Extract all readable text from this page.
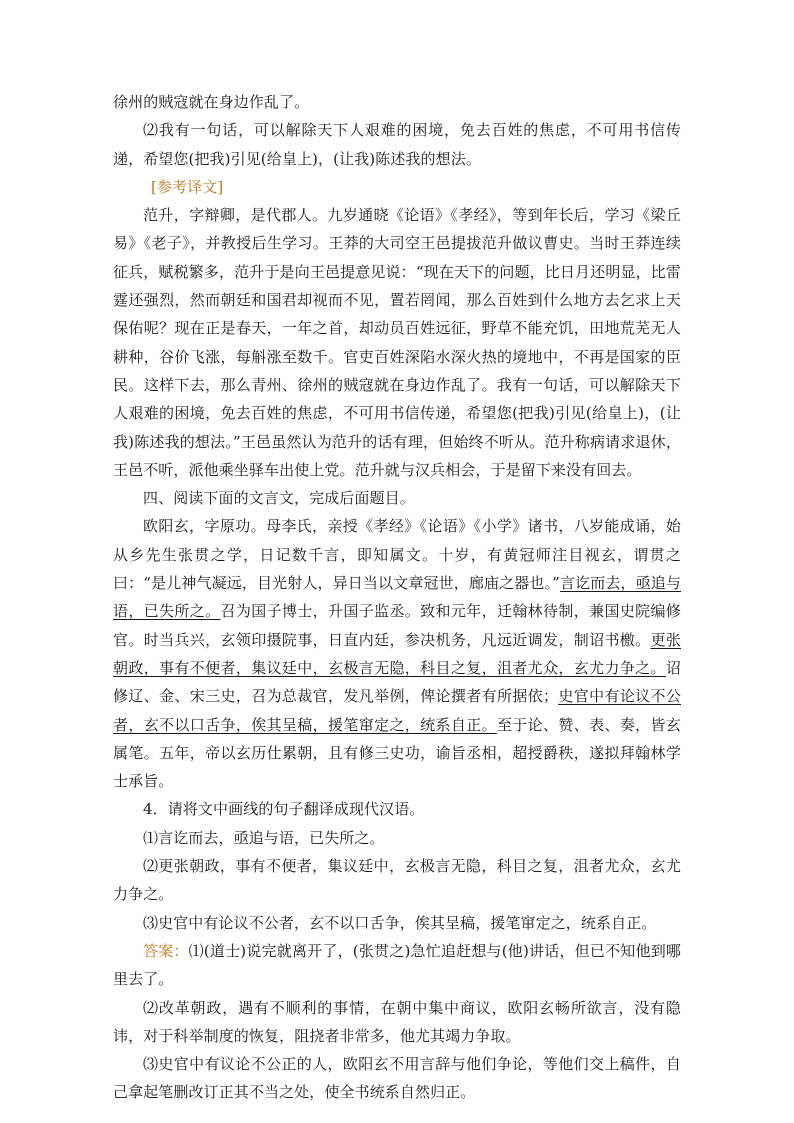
徐州的贼寇就在身边作乱了。

⑵我有一句话，可以解除天下人艰难的困境，免去百姓的焦虑，不可用书信传递，希望您(把我)引见(给皇上)，(让我)陈述我的想法。

[参考译文]

范升，字辩卿，是代郡人。九岁通晓《论语》《孝经》，等到年长后，学习《梁丘易》《老子》，并教授后生学习。王莽的大司空王邑提拔范升做议曹史。当时王莽连续征兵，赋税繁多，范升于是向王邑提意见说：“现在天下的问题，比日月还明显，比雷霆还强烈，然而朝廷和国君却视而不见，置若罔闻，那么百姓到什么地方去乞求上天保佑呢？现在正是春天，一年之首，却动员百姓远征，野草不能充饥，田地荒芜无人耕种，谷价飞涨，每斛涨至数千。官吏百姓深陷水深火热的境地中，不再是国家的臣民。这样下去，那么青州、徐州的贼寇就在身边作乱了。我有一句话，可以解除天下人艰难的困境，免去百姓的焦虑，不可用书信传递，希望您(把我)引见(给皇上)，(让我)陈述我的想法。”王邑虽然认为范升的话有理，但始终不听从。范升称病请求退休，王邑不听，派他乘坐驿车出使上党。范升就与汉兵相会，于是留下来没有回去。

四、阅读下面的文言文，完成后面题目。

欧阳玄，字原功。母李氏，亲授《孝经》《论语》《小学》诸书，八岁能成诵，始从乡先生张贯之学，日记数千言，即知属文。十岁，有黄冠师注目视玄，谓贯之曰：“是儿神气凝远，目光射人，异日当以文章冠世，廊庙之器也。”言讫而去，亟追与语，已失所之。召为国子博士，升国子监丞。致和元年，迁翰林待制，兼国史院编修官。时当兵兴，玄领印摄院事，日直内廷，参决机务，凡远近调发，制诏书檄。更张朝政，事有不便者，集议廷中，玄极言无隐，科目之复，沮者尤众，玄尤力争之。诏修辽、金、宋三史，召为总裁官，发凡举例，俾论撰者有所据依；史官中有论议不公者，玄不以口舌争，俟其呈稿，援笔窜定之，统系自正。至于论、赞、表、奏，皆玄属笔。五年，帝以玄历仕累朝，且有修三史功，谕旨丞相，超授爵秩，遂拟拜翰林学士承旨。

4．请将文中画线的句子翻译成现代汉语。

⑴言讫而去，亟追与语，已失所之。

⑵更张朝政，事有不便者，集议廷中，玄极言无隐，科目之复，沮者尤众，玄尤力争之。

⑶史官中有论议不公者，玄不以口舌争，俟其呈稿，援笔窜定之，统系自正。

答案：⑴(道士)说完就离开了，(张贯之)急忙追赶想与(他)讲话，但已不知他到哪里去了。

⑵改革朝政，遇有不顺利的事情，在朝中集中商议，欧阳玄畅所欲言，没有隐讳，对于科举制度的恢复，阻挠者非常多，他尤其竭力争取。

⑶史官中有议论不公正的人，欧阳玄不用言辞与他们争论，等他们交上稿件，自己拿起笔删改订正其不当之处，使全书统系自然归正。
